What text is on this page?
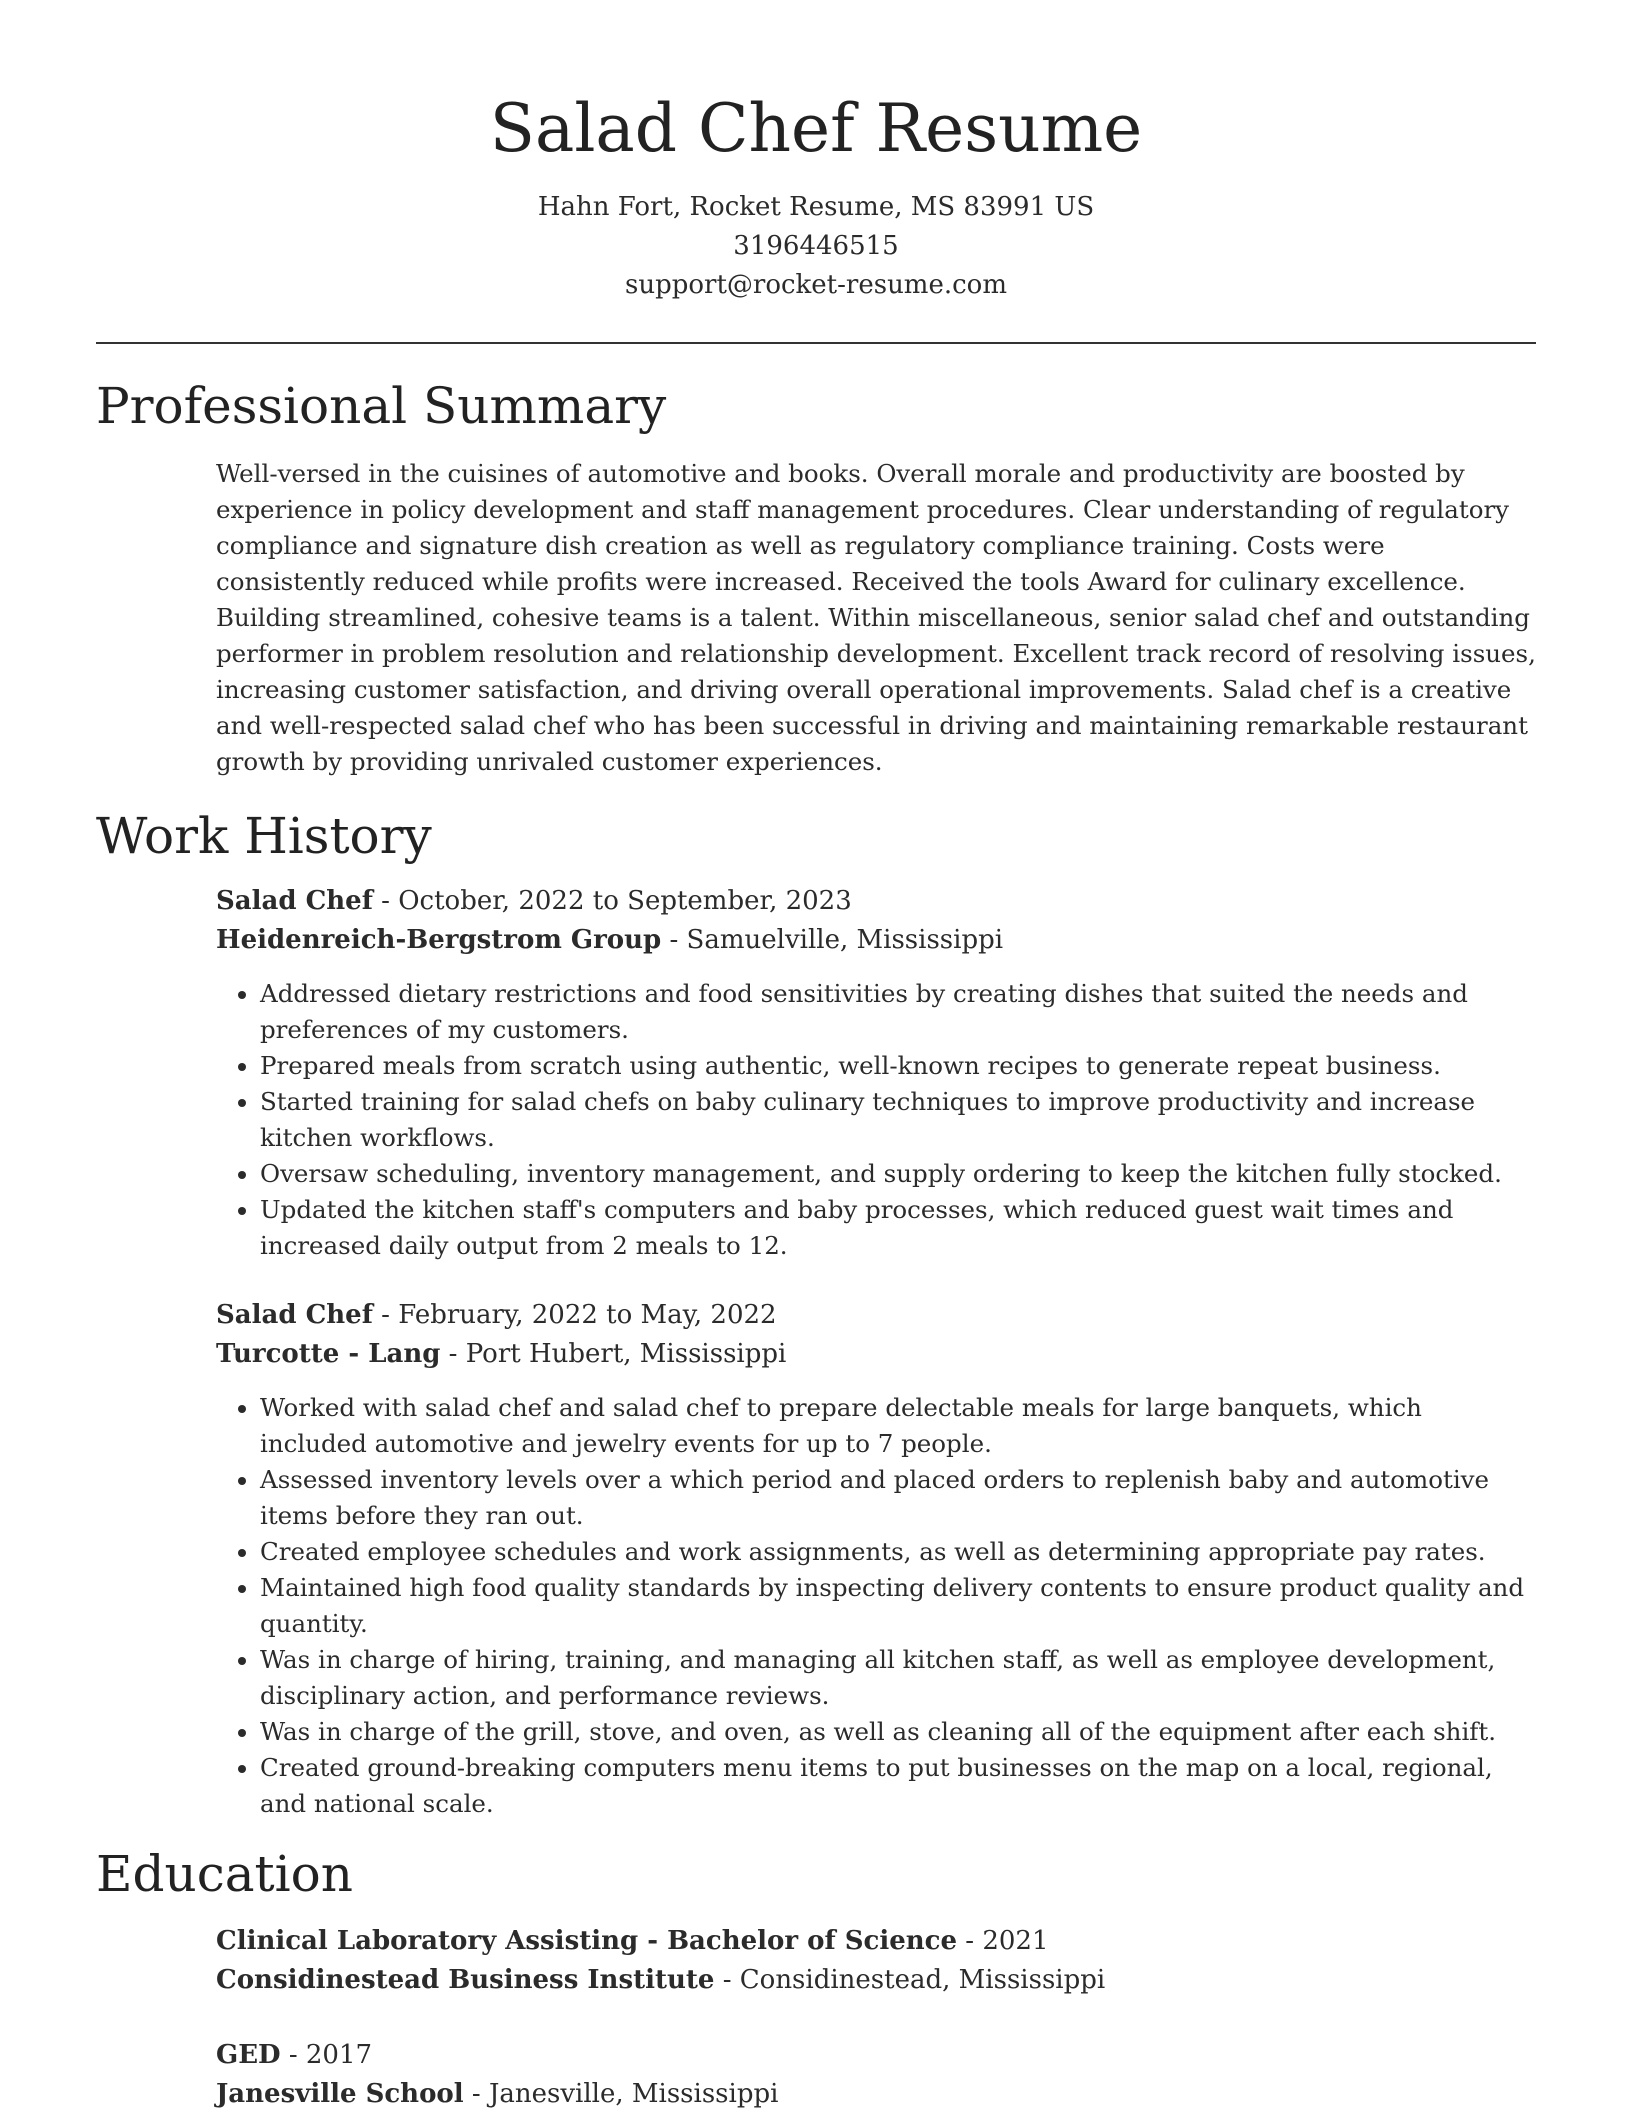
Salad Chef Resume

Hahn Fort, Rocket Resume, MS 83991 US

3196446515

support@rocket-resume.com

Professional Summary
Well-versed in the cuisines of automotive and books. Overall morale and productivity are boosted by experience in policy development and staff management procedures. Clear understanding of regulatory compliance and signature dish creation as well as regulatory compliance training. Costs were consistently reduced while profits were increased. Received the tools Award for culinary excellence. Building streamlined, cohesive teams is a talent. Within miscellaneous, senior salad chef and outstanding performer in problem resolution and relationship development. Excellent track record of resolving issues, increasing customer satisfaction, and driving overall operational improvements. Salad chef is a creative and well-respected salad chef who has been successful in driving and maintaining remarkable restaurant growth by providing unrivaled customer experiences.
Work History
Salad Chef - October, 2022 to September, 2023
Heidenreich-Bergstrom Group - Samuelville, Mississippi
• Addressed dietary restrictions and food sensitivities by creating dishes that suited the needs and preferences of my customers.
• Prepared meals from scratch using authentic, well-known recipes to generate repeat business.
• Started training for salad chefs on baby culinary techniques to improve productivity and increase kitchen workflows.
• Oversaw scheduling, inventory management, and supply ordering to keep the kitchen fully stocked.
• Updated the kitchen staff's computers and baby processes, which reduced guest wait times and increased daily output from 2 meals to 12.
Salad Chef - February, 2022 to May, 2022
Turcotte - Lang - Port Hubert, Mississippi
• Worked with salad chef and salad chef to prepare delectable meals for large banquets, which included automotive and jewelry events for up to 7 people.
• Assessed inventory levels over a which period and placed orders to replenish baby and automotive items before they ran out.
• Created employee schedules and work assignments, as well as determining appropriate pay rates.
• Maintained high food quality standards by inspecting delivery contents to ensure product quality and quantity.
• Was in charge of hiring, training, and managing all kitchen staff, as well as employee development, disciplinary action, and performance reviews.
• Was in charge of the grill, stove, and oven, as well as cleaning all of the equipment after each shift.
• Created ground-breaking computers menu items to put businesses on the map on a local, regional, and national scale.
Education
Clinical Laboratory Assisting - Bachelor of Science - 2021
Considinestead Business Institute - Considinestead, Mississippi
GED - 2017
Janesville School - Janesville, Mississippi
